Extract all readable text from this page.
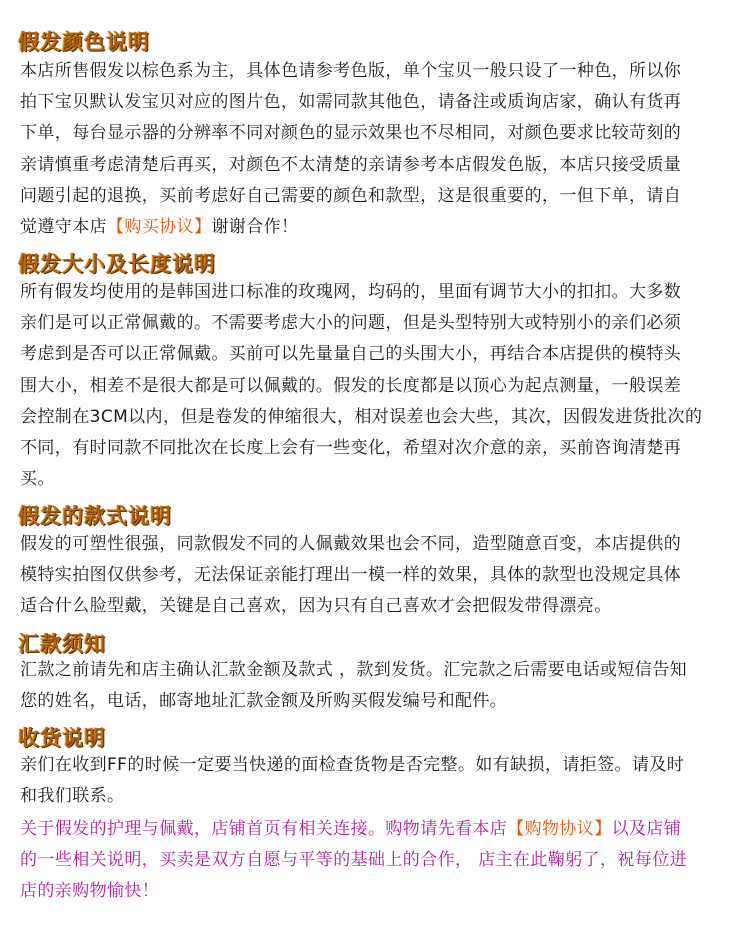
假发颜色说明

本店所售假发以棕色系为主，具体色请参考色版，单个宝贝一般只设了一种色，所以你

拍下宝贝默认发宝贝对应的图片色，如需同款其他色，请备注或质询店家，确认有货再

下单，每台显示器的分辨率不同对颜色的显示效果也不尽相同，对颜色要求比较苛刻的

亲请慎重考虑清楚后再买，对颜色不太清楚的亲请参考本店假发色版，本店只接受质量

问题引起的退换，买前考虑好自己需要的颜色和款型，这是很重要的，一但下单，请自

觉遵守本店【购买协议】谢谢合作！

假发大小及长度说明

所有假发均使用的是韩国进口标准的玫瑰网，均码的，里面有调节大小的扣扣。大多数

亲们是可以正常佩戴的。不需要考虑大小的问题，但是头型特别大或特别小的亲们必须

考虑到是否可以正常佩戴。买前可以先量量自己的头围大小，再结合本店提供的模特头

围大小，相差不是很大都是可以佩戴的。假发的长度都是以顶心为起点测量，一般误差

会控制在3CM以内，但是卷发的伸缩很大，相对误差也会大些，其次，因假发进货批次的

不同，有时同款不同批次在长度上会有一些变化，希望对次介意的亲，买前咨询清楚再

买。

假发的款式说明

假发的可塑性很强，同款假发不同的人佩戴效果也会不同，造型随意百变，本店提供的

模特实拍图仅供参考，无法保证亲能打理出一模一样的效果，具体的款型也没规定具体

适合什么脸型戴，关键是自己喜欢，因为只有自己喜欢才会把假发带得漂亮。

汇款须知

汇款之前请先和店主确认汇款金额及款式 ，款到发货。汇完款之后需要电话或短信告知

您的姓名，电话，邮寄地址汇款金额及所购买假发编号和配件。

收货说明

亲们在收到FF的时候一定要当快递的面检查货物是否完整。如有缺损，请拒签。请及时

和我们联系。

关于假发的护理与佩戴，店铺首页有相关连接。购物请先看本店【购物协议】以及店铺

的一些相关说明，买卖是双方自愿与平等的基础上的合作， 店主在此鞠躬了，祝每位进

店的亲购物愉快！
